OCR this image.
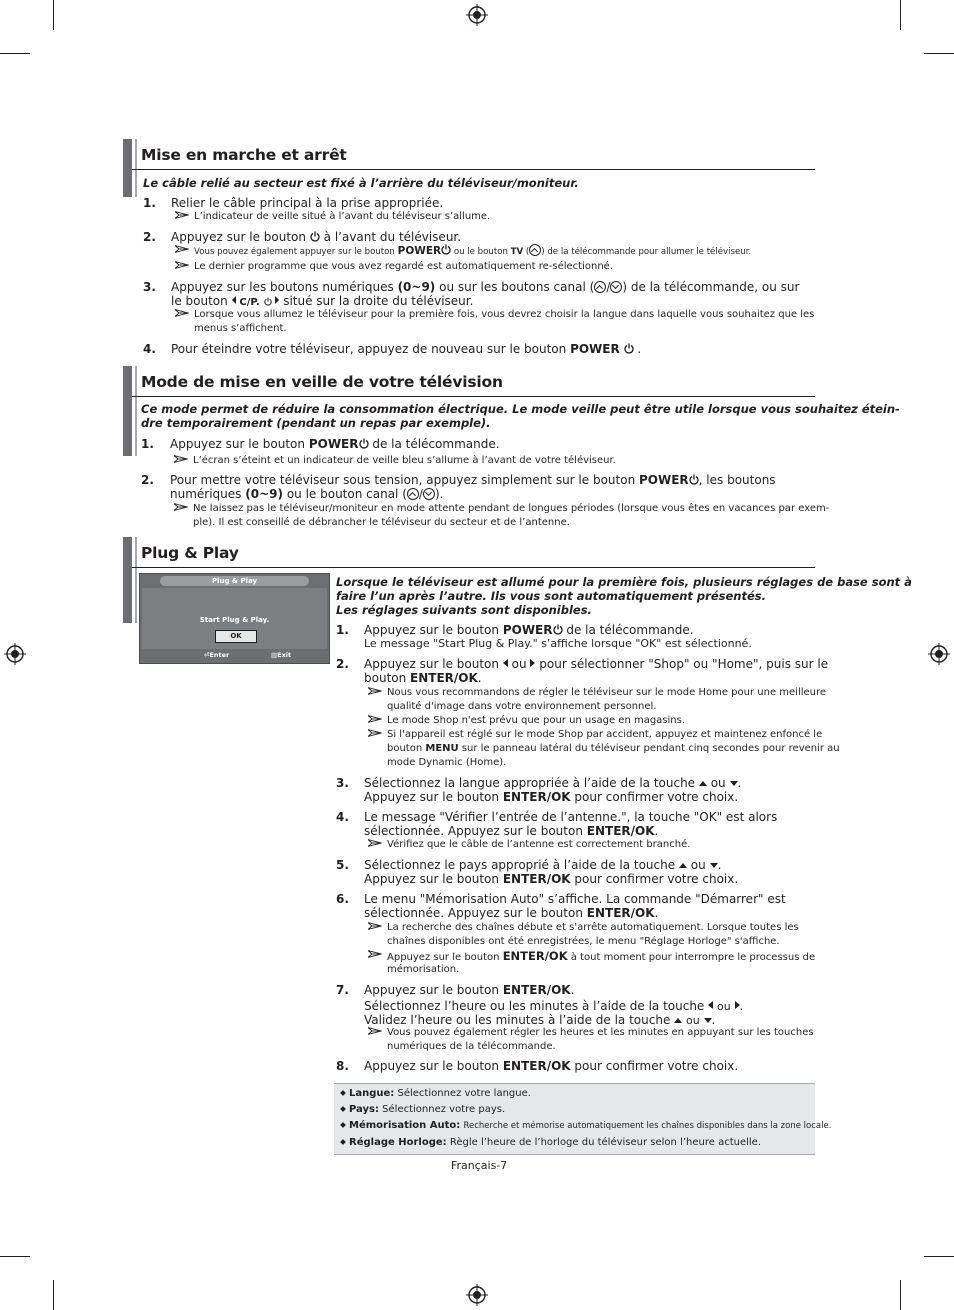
Mise en marche et arrêt
Le câble relié au secteur est fixé à l’arrière du téléviseur/moniteur.
1. Relier le câble principal à la prise appropriée.
L’indicateur de veille situé à l’avant du téléviseur s’allume.
2. Appuyez sur le bouton à l’avant du téléviseur.
Vous pouvez également appuyer sur le bouton POWER ou le bouton TV ( ) de la télécommande pour allumer le téléviseur.
Le dernier programme que vous avez regardé est automatiquement re-sélectionné.
3. Appuyez sur les boutons numériques (0~9) ou sur les boutons canal ( / ) de la télécommande, ou sur
le bouton C/P. situé sur la droite du téléviseur.
Lorsque vous allumez le téléviseur pour la première fois, vous devrez choisir la langue dans laquelle vous souhaitez que les
menus s’affichent.
4. Pour éteindre votre téléviseur, appuyez de nouveau sur le bouton POWER  .
Mode de mise en veille de votre télévision
Ce mode permet de réduire la consommation électrique. Le mode veille peut être utile lorsque vous souhaitez étein-
dre temporairement (pendant un repas par exemple).
1. Appuyez sur le bouton POWER de la télécommande.
L’écran s’éteint et un indicateur de veille bleu s’allume à l’avant de votre téléviseur.
2. Pour mettre votre téléviseur sous tension, appuyez simplement sur le bouton POWER , les boutons
numériques (0~9) ou le bouton canal ( / ).
Ne laissez pas le téléviseur/moniteur en mode attente pendant de longues périodes (lorsque vous êtes en vacances par exem-
ple). Il est conseillé de débrancher le téléviseur du secteur et de l’antenne.
Plug & Play
Plug & Play
Start Plug & Play.
OK
⏎Enter	▥Exit
Lorsque le téléviseur est allumé pour la première fois, plusieurs réglages de base sont à
faire l’un après l’autre. Ils vous sont automatiquement présentés.
Les réglages suivants sont disponibles.
1. Appuyez sur le bouton POWER de la télécommande.
Le message "Start Plug & Play." s’affiche lorsque "OK" est sélectionné.
2. Appuyez sur le bouton ou pour sélectionner "Shop" ou "Home", puis sur le
bouton ENTER/OK.
Nous vous recommandons de régler le téléviseur sur le mode Home pour une meilleure
qualité d'image dans votre environnement personnel.
Le mode Shop n'est prévu que pour un usage en magasins.
Si l'appareil est réglé sur le mode Shop par accident, appuyez et maintenez enfoncé le
bouton MENU sur le panneau latéral du téléviseur pendant cinq secondes pour revenir au
mode Dynamic (Home).
3. Sélectionnez la langue appropriée à l’aide de la touche ou .
Appuyez sur le bouton ENTER/OK pour confirmer votre choix.
4. Le message "Vérifier l’entrée de l’antenne.", la touche "OK" est alors
sélectionnée. Appuyez sur le bouton ENTER/OK.
Vérifiez que le câble de l’antenne est correctement branché.
5. Sélectionnez le pays approprié à l’aide de la touche ou .
Appuyez sur le bouton ENTER/OK pour confirmer votre choix.
6. Le menu "Mémorisation Auto" s’affiche. La commande "Démarrer" est
sélectionnée. Appuyez sur le bouton ENTER/OK.
La recherche des chaînes débute et s'arrête automatiquement. Lorsque toutes les
chaînes disponibles ont été enregistrées, le menu "Réglage Horloge" s'affiche.
Appuyez sur le bouton ENTER/OK à tout moment pour interrompre le processus de
mémorisation.
7. Appuyez sur le bouton ENTER/OK.
Sélectionnez l’heure ou les minutes à l’aide de la touche ou .
Validez l’heure ou les minutes à l’aide de la touche ou .
Vous pouvez également régler les heures et les minutes en appuyant sur les touches
numériques de la télécommande.
8. Appuyez sur le bouton ENTER/OK pour confirmer votre choix.
Langue: Sélectionnez votre langue.
Pays: Sélectionnez votre pays.
Mémorisation Auto: Recherche et mémorise automatiquement les chaînes disponibles dans la zone locale.
Réglage Horloge: Règle l’heure de l’horloge du téléviseur selon l’heure actuelle.
Français-7
